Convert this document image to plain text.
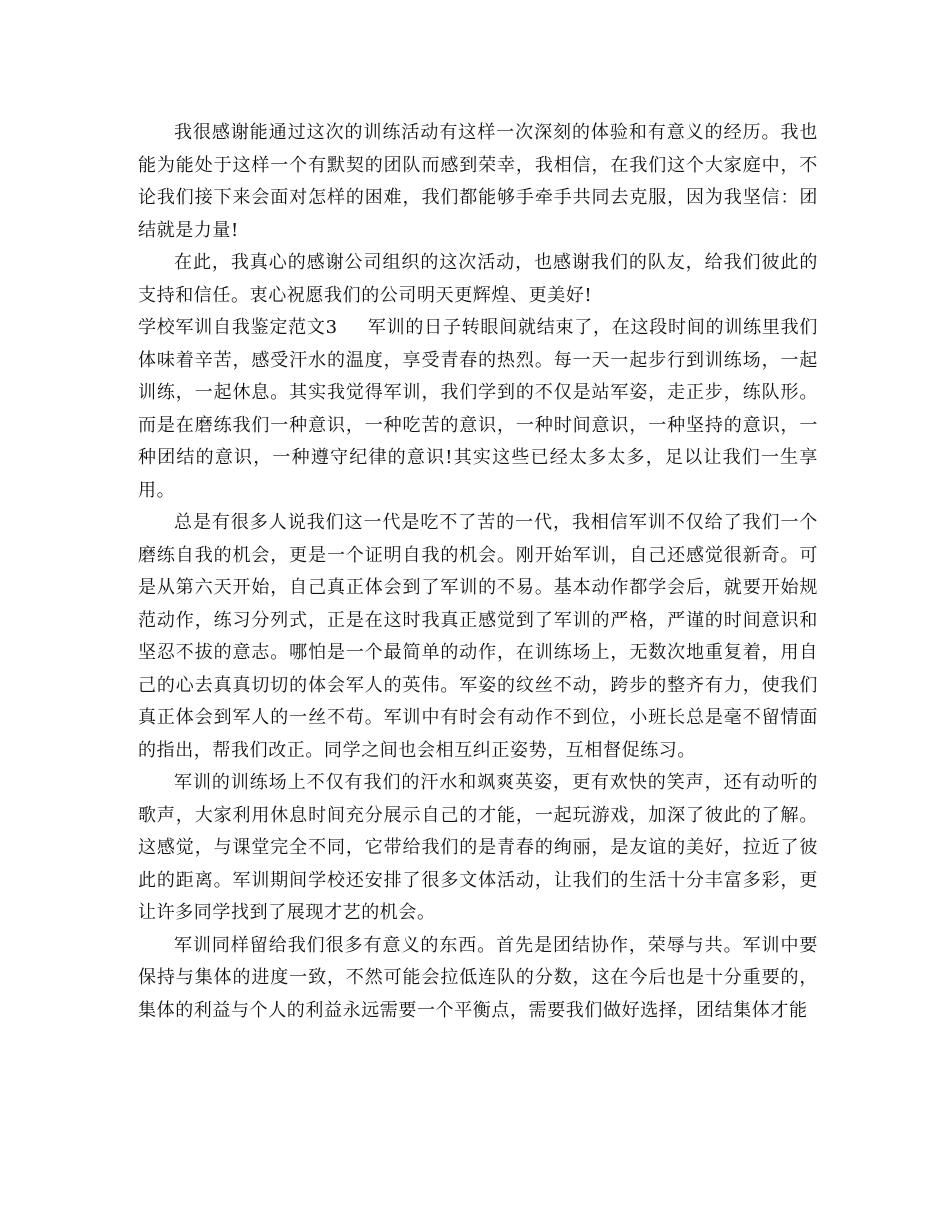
我很感谢能通过这次的训练活动有这样一次深刻的体验和有意义的经历。我也能为能处于这样一个有默契的团队而感到荣幸，我相信，在我们这个大家庭中，不论我们接下来会面对怎样的困难，我们都能够手牵手共同去克服，因为我坚信：团结就是力量!

在此，我真心的感谢公司组织的这次活动，也感谢我们的队友，给我们彼此的支持和信任。衷心祝愿我们的公司明天更辉煌、更美好!

学校军训自我鉴定范文3 军训的日子转眼间就结束了，在这段时间的训练里我们体味着辛苦，感受汗水的温度，享受青春的热烈。每一天一起步行到训练场，一起训练，一起休息。其实我觉得军训，我们学到的不仅是站军姿，走正步，练队形。而是在磨练我们一种意识，一种吃苦的意识，一种时间意识，一种坚持的意识，一种团结的意识，一种遵守纪律的意识!其实这些已经太多太多，足以让我们一生享用。

总是有很多人说我们这一代是吃不了苦的一代，我相信军训不仅给了我们一个磨练自我的机会，更是一个证明自我的机会。刚开始军训，自己还感觉很新奇。可是从第六天开始，自己真正体会到了军训的不易。基本动作都学会后，就要开始规范动作，练习分列式，正是在这时我真正感觉到了军训的严格，严谨的时间意识和坚忍不拔的意志。哪怕是一个最简单的动作，在训练场上，无数次地重复着，用自己的心去真真切切的体会军人的英伟。军姿的纹丝不动，跨步的整齐有力，使我们真正体会到军人的一丝不苟。军训中有时会有动作不到位，小班长总是毫不留情面的指出，帮我们改正。同学之间也会相互纠正姿势，互相督促练习。

军训的训练场上不仅有我们的汗水和飒爽英姿，更有欢快的笑声，还有动听的歌声，大家利用休息时间充分展示自己的才能，一起玩游戏，加深了彼此的了解。这感觉，与课堂完全不同，它带给我们的是青春的绚丽，是友谊的美好，拉近了彼此的距离。军训期间学校还安排了很多文体活动，让我们的生活十分丰富多彩，更让许多同学找到了展现才艺的机会。

军训同样留给我们很多有意义的东西。首先是团结协作，荣辱与共。军训中要保持与集体的进度一致，不然可能会拉低连队的分数，这在今后也是十分重要的，集体的利益与个人的利益永远需要一个平衡点，需要我们做好选择，团结集体才能
